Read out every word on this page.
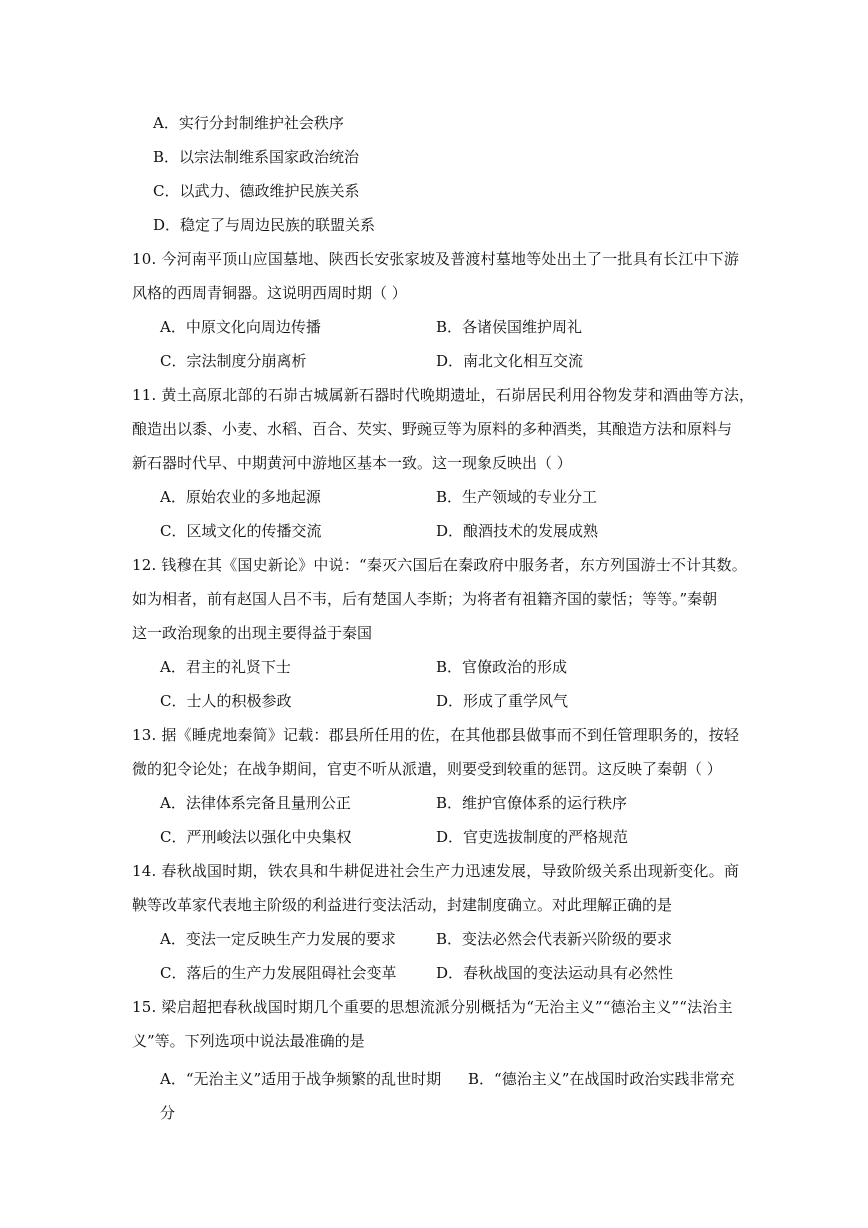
A．实行分封制维护社会秩序
B．以宗法制维系国家政治统治
C．以武力、德政维护民族关系
D．稳定了与周边民族的联盟关系
10. 今河南平顶山应国墓地、陕西长安张家坡及普渡村墓地等处出土了一批具有长江中下游
风格的西周青铜器。这说明西周时期（ ）
A．中原文化向周边传播	B．各诸侯国维护周礼
C．宗法制度分崩离析	D．南北文化相互交流
11. 黄土高原北部的石峁古城属新石器时代晚期遗址，石峁居民利用谷物发芽和酒曲等方法，
酿造出以黍、小麦、水稻、百合、芡实、野豌豆等为原料的多种酒类，其酿造方法和原料与
新石器时代早、中期黄河中游地区基本一致。这一现象反映出（ ）
A．原始农业的多地起源	B．生产领域的专业分工
C．区域文化的传播交流	D．酿酒技术的发展成熟
12. 钱穆在其《国史新论》中说：“秦灭六国后在秦政府中服务者，东方列国游士不计其数。
如为相者，前有赵国人吕不韦，后有楚国人李斯；为将者有祖籍齐国的蒙恬；等等。”秦朝
这一政治现象的出现主要得益于秦国
A．君主的礼贤下士	B．官僚政治的形成
C．士人的积极参政	D．形成了重学风气
13. 据《睡虎地秦简》记载：郡县所任用的佐，在其他郡县做事而不到任管理职务的，按轻
微的犯令论处；在战争期间，官吏不听从派遣，则要受到较重的惩罚。这反映了秦朝（ ）
A．法律体系完备且量刑公正	B．维护官僚体系的运行秩序
C．严刑峻法以强化中央集权	D．官吏选拔制度的严格规范
14. 春秋战国时期，铁农具和牛耕促进社会生产力迅速发展，导致阶级关系出现新变化。商
鞅等改革家代表地主阶级的利益进行变法活动，封建制度确立。对此理解正确的是
A．变法一定反映生产力发展的要求	B．变法必然会代表新兴阶级的要求
C．落后的生产力发展阻碍社会变革	D．春秋战国的变法运动具有必然性
15. 梁启超把春秋战国时期几个重要的思想流派分别概括为“无治主义”“德治主义”“法治主
义”等。下列选项中说法最准确的是
A．“无治主义”适用于战争频繁的乱世时期 B．“德治主义”在战国时政治实践非常充
分
